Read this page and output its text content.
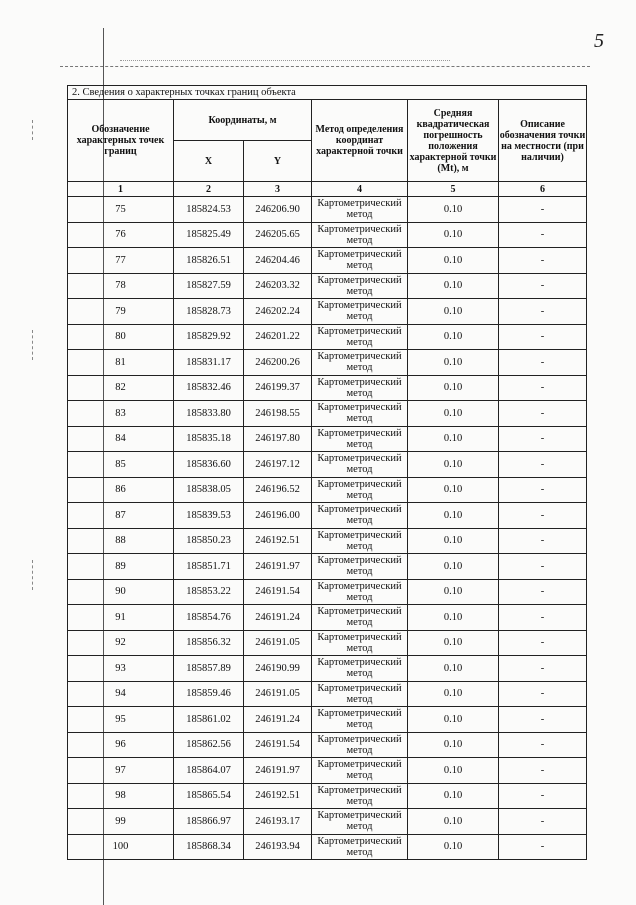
5
2. Сведения о характерных точках границ объекта					
Обозначение характерных точек границ	Координаты, м		Метод определения координат характерной точки	Средняя квадратическая погрешность положения характерной точки (Mt), м	Описание обозначения точки на местности (при наличии)
	X	Y			
1	2	3	4	5	6
75	185824.53	246206.90	Картометрический метод	0.10	-
76	185825.49	246205.65	Картометрический метод	0.10	-
77	185826.51	246204.46	Картометрический метод	0.10	-
78	185827.59	246203.32	Картометрический метод	0.10	-
79	185828.73	246202.24	Картометрический метод	0.10	-
80	185829.92	246201.22	Картометрический метод	0.10	-
81	185831.17	246200.26	Картометрический метод	0.10	-
82	185832.46	246199.37	Картометрический метод	0.10	-
83	185833.80	246198.55	Картометрический метод	0.10	-
84	185835.18	246197.80	Картометрический метод	0.10	-
85	185836.60	246197.12	Картометрический метод	0.10	-
86	185838.05	246196.52	Картометрический метод	0.10	-
87	185839.53	246196.00	Картометрический метод	0.10	-
88	185850.23	246192.51	Картометрический метод	0.10	-
89	185851.71	246191.97	Картометрический метод	0.10	-
90	185853.22	246191.54	Картометрический метод	0.10	-
91	185854.76	246191.24	Картометрический метод	0.10	-
92	185856.32	246191.05	Картометрический метод	0.10	-
93	185857.89	246190.99	Картометрический метод	0.10	-
94	185859.46	246191.05	Картометрический метод	0.10	-
95	185861.02	246191.24	Картометрический метод	0.10	-
96	185862.56	246191.54	Картометрический метод	0.10	-
97	185864.07	246191.97	Картометрический метод	0.10	-
98	185865.54	246192.51	Картометрический метод	0.10	-
99	185866.97	246193.17	Картометрический метод	0.10	-
100	185868.34	246193.94	Картометрический метод	0.10	-
